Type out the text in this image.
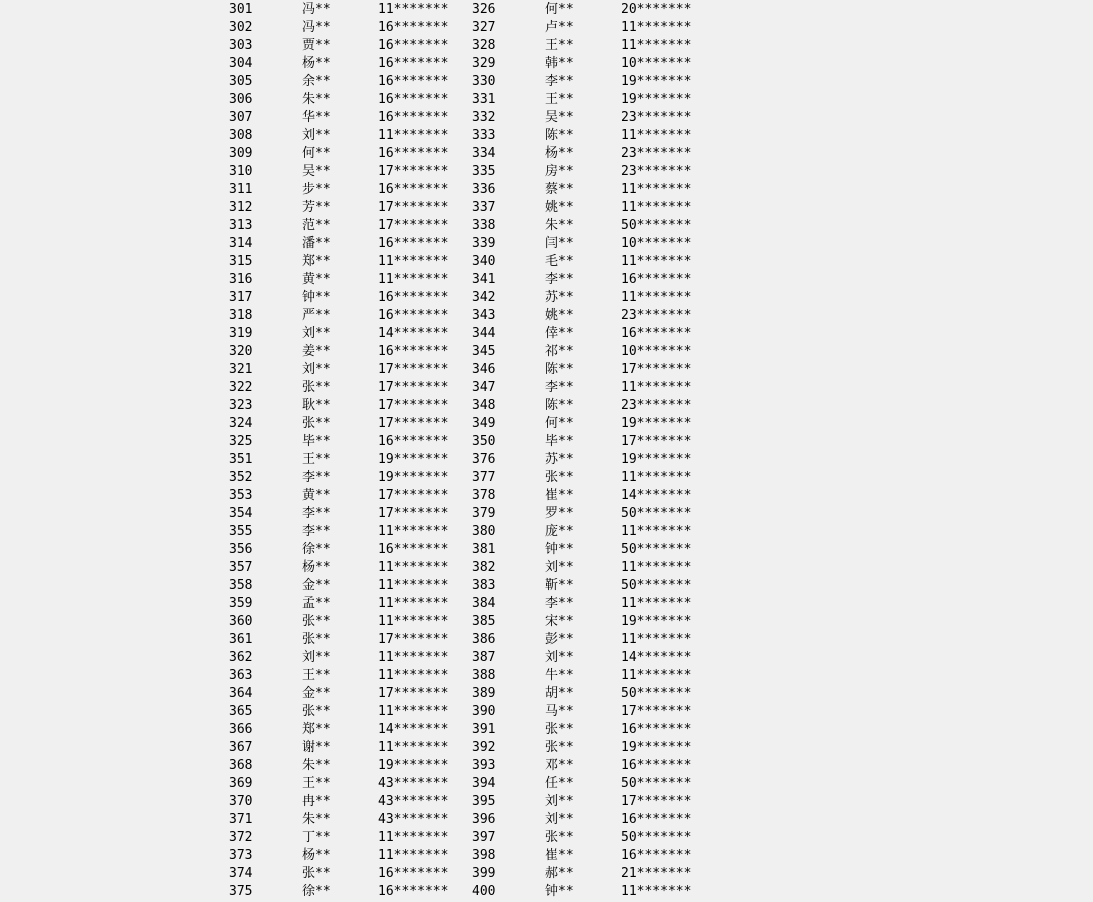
301	冯**	11******* 326	何**	20*******
302	冯**	16******* 327	卢**	11*******
303	贾**	16******* 328	王**	11*******
304	杨**	16******* 329	韩**	10*******
305	余**	16******* 330	李**	19*******
306	朱**	16******* 331	王**	19*******
307	华**	16******* 332	吴**	23*******
308	刘**	11******* 333	陈**	11*******
309	何**	16******* 334	杨**	23*******
310	吴**	17******* 335	房**	23*******
311	步**	16******* 336	蔡**	11*******
312	芳**	17******* 337	姚**	11*******
313	范**	17******* 338	朱**	50*******
314	潘**	16******* 339	闫**	10*******
315	郑**	11******* 340	毛**	11*******
316	黄**	11******* 341	李**	16*******
317	钟**	16******* 342	苏**	11*******
318	严**	16******* 343	姚**	23*******
319	刘**	14******* 344	倖**	16*******
320	姜**	16******* 345	祁**	10*******
321	刘**	17******* 346	陈**	17*******
322	张**	17******* 347	李**	11*******
323	耿**	17******* 348	陈**	23*******
324	张**	17******* 349	何**	19*******
325	毕**	16******* 350	毕**	17*******
351	王**	19******* 376	苏**	19*******
352	李**	19******* 377	张**	11*******
353	黄**	17******* 378	崔**	14*******
354	李**	17******* 379	罗**	50*******
355	李**	11******* 380	庞**	11*******
356	徐**	16******* 381	钟**	50*******
357	杨**	11******* 382	刘**	11*******
358	金**	11******* 383	靳**	50*******
359	孟**	11******* 384	李**	11*******
360	张**	11******* 385	宋**	19*******
361	张**	17******* 386	彭**	11*******
362	刘**	11******* 387	刘**	14*******
363	王**	11******* 388	牛**	11*******
364	金**	17******* 389	胡**	50*******
365	张**	11******* 390	马**	17*******
366	郑**	14******* 391	张**	16*******
367	谢**	11******* 392	张**	19*******
368	朱**	19******* 393	邓**	16*******
369	王**	43******* 394	任**	50*******
370	冉**	43******* 395	刘**	17*******
371	朱**	43******* 396	刘**	16*******
372	丁**	11******* 397	张**	50*******
373	杨**	11******* 398	崔**	16*******
374	张**	16******* 399	郝**	21*******
375	徐**	16******* 400	钟**	11*******
